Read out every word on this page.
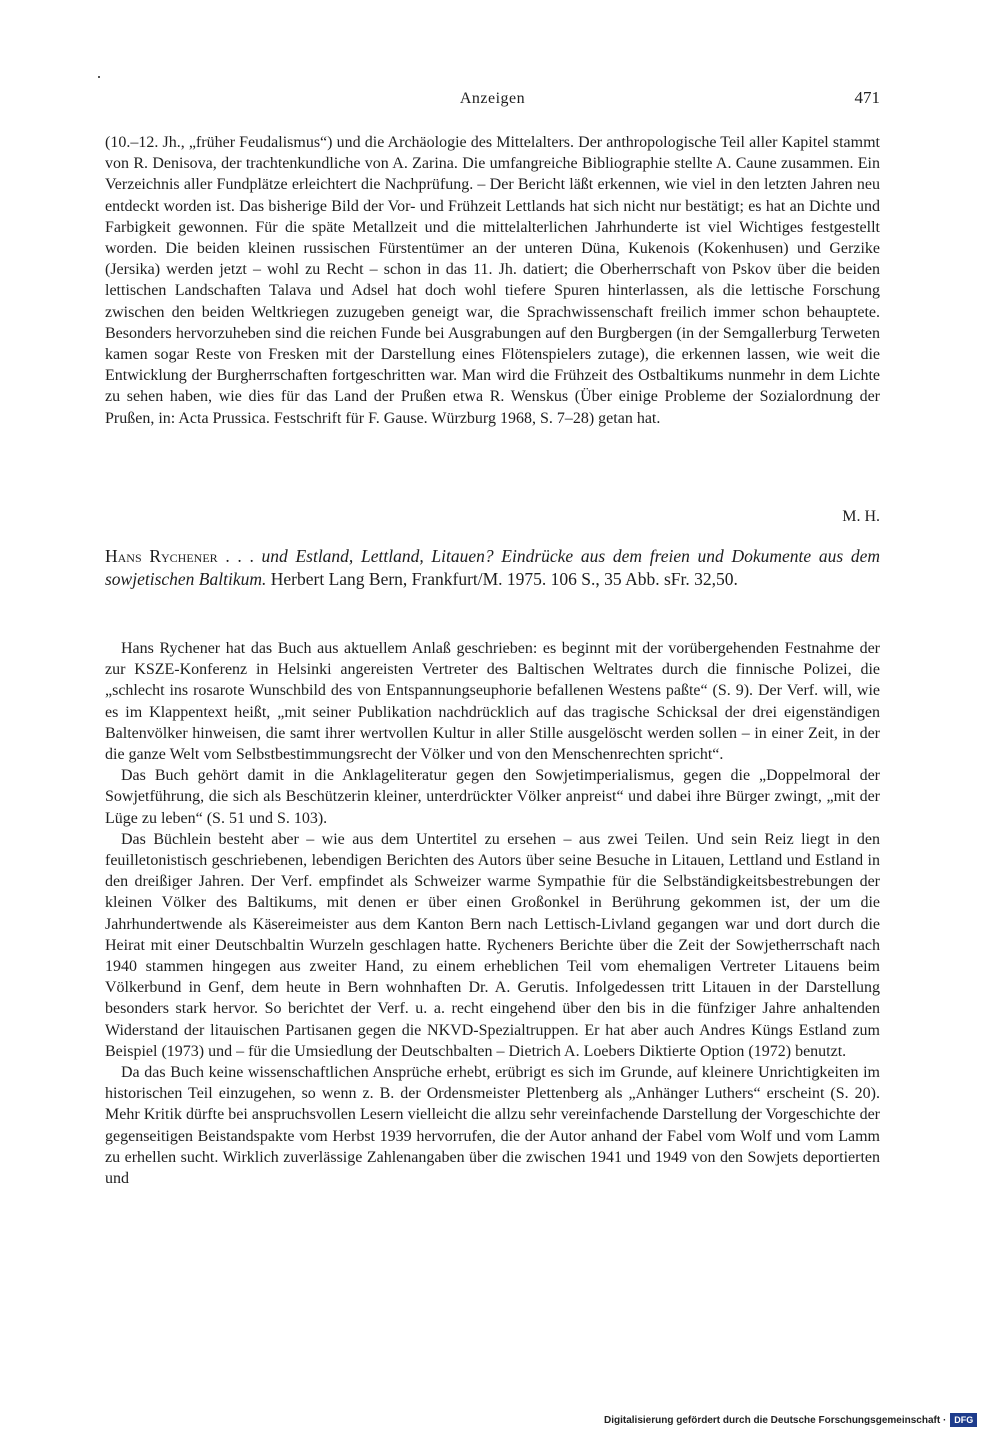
Anzeigen	471

(10.–12. Jh., „früher Feudalismus“) und die Archäologie des Mittelalters. Der anthropologische Teil aller Kapitel stammt von R. Denisova, der trachtenkundliche von A. Zarina. Die umfangreiche Bibliographie stellte A. Caune zusammen. Ein Verzeichnis aller Fundplätze erleichtert die Nachprüfung. – Der Bericht läßt erkennen, wie viel in den letzten Jahren neu entdeckt worden ist. Das bisherige Bild der Vor- und Frühzeit Lettlands hat sich nicht nur bestätigt; es hat an Dichte und Farbigkeit gewonnen. Für die späte Metallzeit und die mittelalterlichen Jahrhunderte ist viel Wichtiges festgestellt worden. Die beiden kleinen russischen Fürstentümer an der unteren Düna, Kukenois (Kokenhusen) und Gerzike (Jersika) werden jetzt – wohl zu Recht – schon in das 11. Jh. datiert; die Oberherrschaft von Pskov über die beiden lettischen Landschaften Talava und Adsel hat doch wohl tiefere Spuren hinterlassen, als die lettische Forschung zwischen den beiden Weltkriegen zuzugeben geneigt war, die Sprachwissenschaft freilich immer schon behauptete. Besonders hervorzuheben sind die reichen Funde bei Ausgrabungen auf den Burgbergen (in der Semgallerburg Terweten kamen sogar Reste von Fresken mit der Darstellung eines Flötenspielers zutage), die erkennen lassen, wie weit die Entwicklung der Burgherrschaften fortgeschritten war. Man wird die Frühzeit des Ostbaltikums nunmehr in dem Lichte zu sehen haben, wie dies für das Land der Prußen etwa R. Wenskus (Über einige Probleme der Sozialordnung der Prußen, in: Acta Prussica. Festschrift für F. Gause. Würzburg 1968, S. 7–28) getan hat.

M. H.

Hans Rychener . . . und Estland, Lettland, Litauen? Eindrücke aus dem freien und Dokumente aus dem sowjetischen Baltikum. Herbert Lang Bern, Frankfurt/M. 1975. 106 S., 35 Abb. sFr. 32,50.

Hans Rychener hat das Buch aus aktuellem Anlaß geschrieben: es beginnt mit der vorübergehenden Festnahme der zur KSZE-Konferenz in Helsinki angereisten Vertreter des Baltischen Weltrates durch die finnische Polizei, die „schlecht ins rosarote Wunschbild des von Entspannungseuphorie befallenen Westens paßte“ (S. 9). Der Verf. will, wie es im Klappentext heißt, „mit seiner Publikation nachdrücklich auf das tragische Schicksal der drei eigenständigen Baltenvölker hinweisen, die samt ihrer wertvollen Kultur in aller Stille ausgelöscht werden sollen – in einer Zeit, in der die ganze Welt vom Selbstbestimmungsrecht der Völker und von den Menschenrechten spricht“.

Das Buch gehört damit in die Anklageliteratur gegen den Sowjetimperialismus, gegen die „Doppelmoral der Sowjetführung, die sich als Beschützerin kleiner, unterdrückter Völker anpreist“ und dabei ihre Bürger zwingt, „mit der Lüge zu leben“ (S. 51 und S. 103).

Das Büchlein besteht aber – wie aus dem Untertitel zu ersehen – aus zwei Teilen. Und sein Reiz liegt in den feuilletonistisch geschriebenen, lebendigen Berichten des Autors über seine Besuche in Litauen, Lettland und Estland in den dreißiger Jahren. Der Verf. empfindet als Schweizer warme Sympathie für die Selbständigkeitsbestrebungen der kleinen Völker des Baltikums, mit denen er über einen Großonkel in Berührung gekommen ist, der um die Jahrhundertwende als Käsereimeister aus dem Kanton Bern nach Lettisch-Livland gegangen war und dort durch die Heirat mit einer Deutschbaltin Wurzeln geschlagen hatte. Rycheners Berichte über die Zeit der Sowjetherrschaft nach 1940 stammen hingegen aus zweiter Hand, zu einem erheblichen Teil vom ehemaligen Vertreter Litauens beim Völkerbund in Genf, dem heute in Bern wohnhaften Dr. A. Gerutis. Infolgedessen tritt Litauen in der Darstellung besonders stark hervor. So berichtet der Verf. u. a. recht eingehend über den bis in die fünfziger Jahre anhaltenden Widerstand der litauischen Partisanen gegen die NKVD-Spezialtruppen. Er hat aber auch Andres Küngs Estland zum Beispiel (1973) und – für die Umsiedlung der Deutschbalten – Dietrich A. Loebers Diktierte Option (1972) benutzt.

Da das Buch keine wissenschaftlichen Ansprüche erhebt, erübrigt es sich im Grunde, auf kleinere Unrichtigkeiten im historischen Teil einzugehen, so wenn z. B. der Ordensmeister Plettenberg als „Anhänger Luthers“ erscheint (S. 20). Mehr Kritik dürfte bei anspruchsvollen Lesern vielleicht die allzu sehr vereinfachende Darstellung der Vorgeschichte der gegenseitigen Beistandspakte vom Herbst 1939 hervorrufen, die der Autor anhand der Fabel vom Wolf und vom Lamm zu erhellen sucht. Wirklich zuverlässige Zahlenangaben über die zwischen 1941 und 1949 von den Sowjets deportierten und

Digitalisierung gefördert durch die Deutsche Forschungsgemeinschaft · DFG
